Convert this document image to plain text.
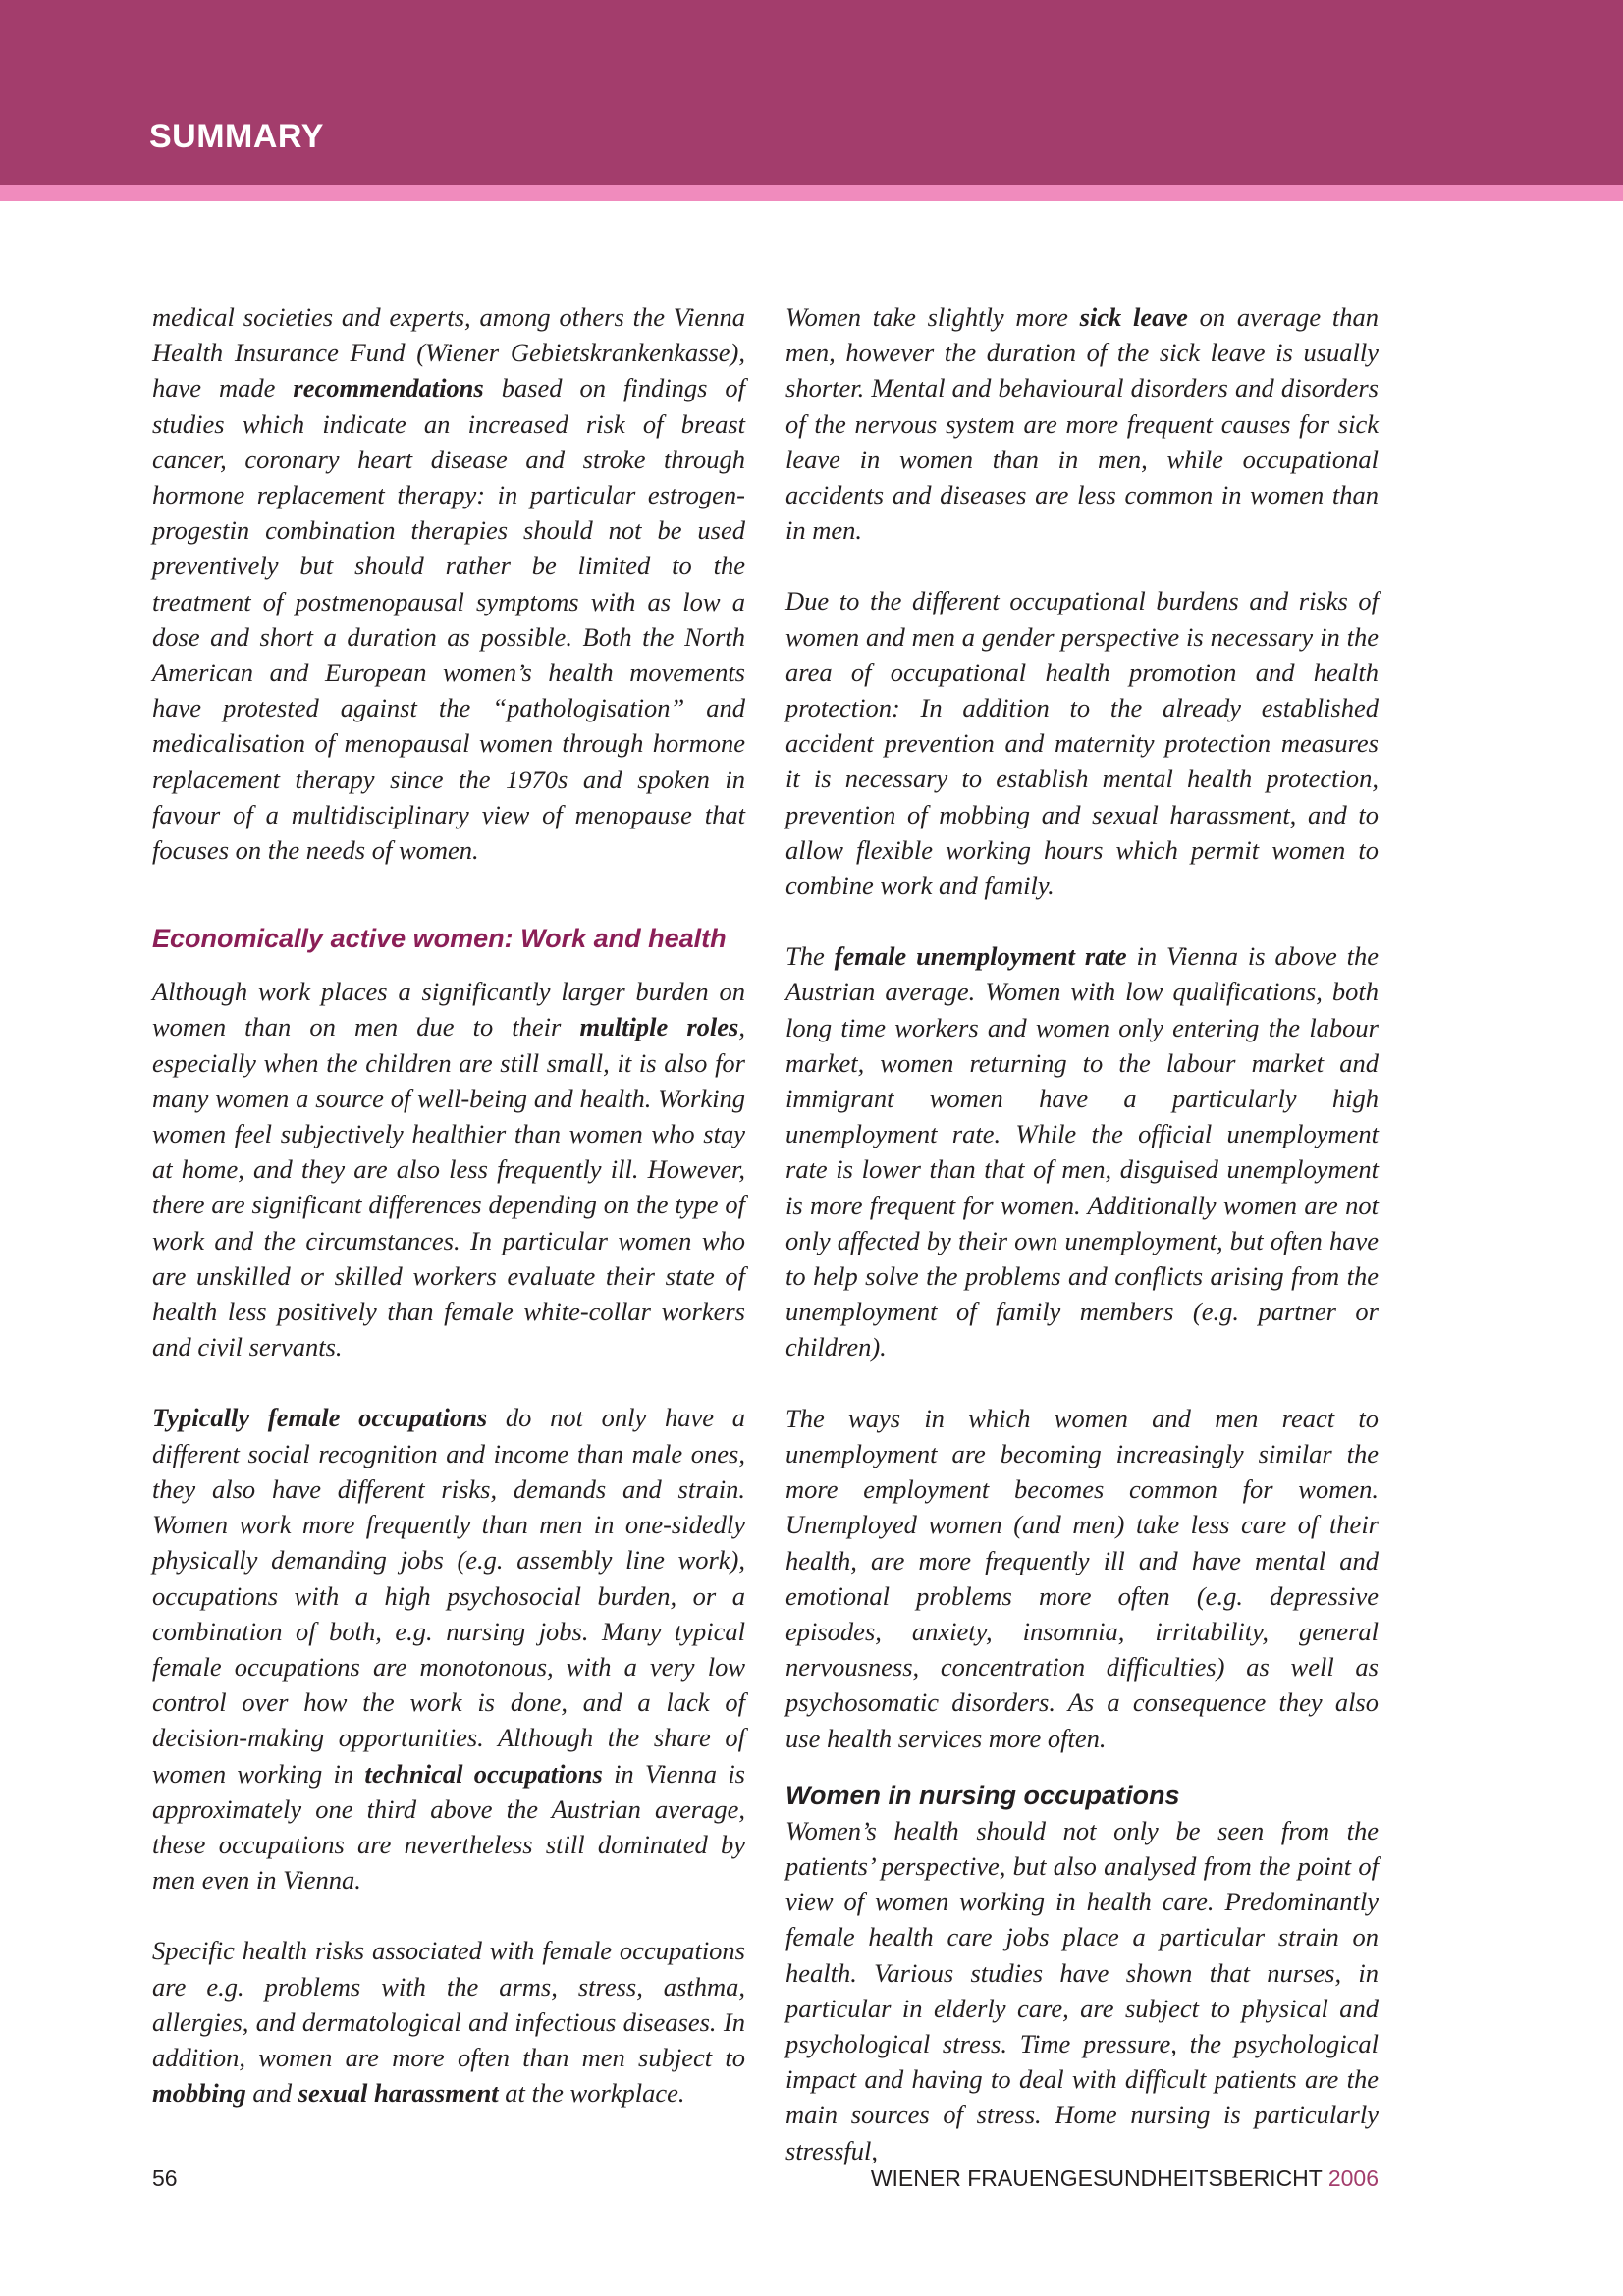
SUMMARY

medical societies and experts, among others the Vienna Health Insurance Fund (Wiener Gebietskrankenkasse), have made recommendations based on findings of studies which indicate an increased risk of breast cancer, coronary heart disease and stroke through hormone replacement therapy: in particular estrogen-progestin combination therapies should not be used preventively but should rather be limited to the treatment of postmenopausal symptoms with as low a dose and short a duration as possible. Both the North American and European women’s health movements have protested against the “pathologisation” and medicalisation of menopausal women through hormone replacement therapy since the 1970s and spoken in favour of a multidisciplinary view of menopause that focuses on the needs of women.

Economically active women: Work and health

Although work places a significantly larger burden on women than on men due to their multiple roles, especially when the children are still small, it is also for many women a source of well-being and health. Working women feel subjectively healthier than women who stay at home, and they are also less frequently ill. However, there are significant differences depending on the type of work and the circumstances. In particular women who are unskilled or skilled workers evaluate their state of health less positively than female white-collar workers and civil servants.

Typically female occupations do not only have a different social recognition and income than male ones, they also have different risks, demands and strain. Women work more frequently than men in one-sidedly physically demanding jobs (e.g. assembly line work), occupations with a high psychosocial burden, or a combination of both, e.g. nursing jobs. Many typical female occupations are monotonous, with a very low control over how the work is done, and a lack of decision-making opportunities. Although the share of women working in technical occupations in Vienna is approximately one third above the Austrian average, these occupations are nevertheless still dominated by men even in Vienna.

Specific health risks associated with female occupations are e.g. problems with the arms, stress, asthma, allergies, and dermatological and infectious diseases. In addition, women are more often than men subject to mobbing and sexual harassment at the workplace.

Women take slightly more sick leave on average than men, however the duration of the sick leave is usually shorter. Mental and behavioural disorders and disorders of the nervous system are more frequent causes for sick leave in women than in men, while occupational accidents and diseases are less common in women than in men.

Due to the different occupational burdens and risks of women and men a gender perspective is necessary in the area of occupational health promotion and health protection: In addition to the already established accident prevention and maternity protection measures it is necessary to establish mental health protection, prevention of mobbing and sexual harassment, and to allow flexible working hours which permit women to combine work and family.

The female unemployment rate in Vienna is above the Austrian average. Women with low qualifications, both long time workers and women only entering the labour market, women returning to the labour market and immigrant women have a particularly high unemployment rate. While the official unemployment rate is lower than that of men, disguised unemployment is more frequent for women. Additionally women are not only affected by their own unemployment, but often have to help solve the problems and conflicts arising from the unemployment of family members (e.g. partner or children).

The ways in which women and men react to unemployment are becoming increasingly similar the more employment becomes common for women. Unemployed women (and men) take less care of their health, are more frequently ill and have mental and emotional problems more often (e.g. depressive episodes, anxiety, insomnia, irritability, general nervousness, concentration difficulties) as well as psychosomatic disorders. As a consequence they also use health services more often.

Women in nursing occupations

Women’s health should not only be seen from the patients’ perspective, but also analysed from the point of view of women working in health care. Predominantly female health care jobs place a particular strain on health. Various studies have shown that nurses, in particular in elderly care, are subject to physical and psychological stress. Time pressure, the psychological impact and having to deal with difficult patients are the main sources of stress. Home nursing is particularly stressful,

56	WIENER FRAUENGESUNDHEITSBERICHT 2006
